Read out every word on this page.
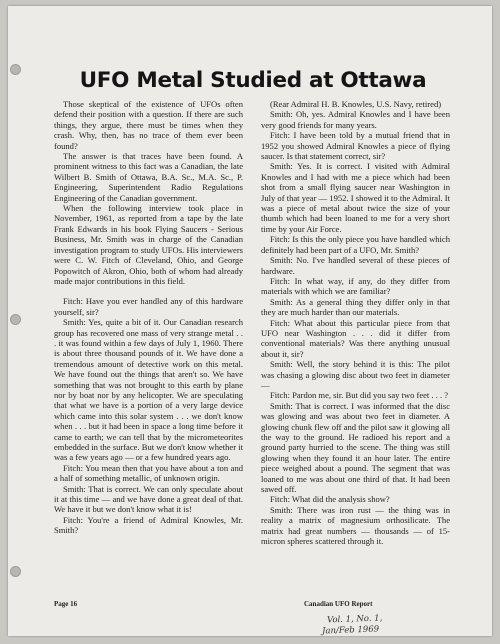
UFO Metal Studied at Ottawa

Those skeptical of the existence of UFOs often defend their position with a question. If there are such things, they argue, there must be times when they crash. Why, then, has no trace of them ever been found?

The answer is that traces have been found. A prominent witness to this fact was a Canadian, the late Wilbert B. Smith of Ottawa, B.A. Sc., M.A. Sc., P. Engineering, Superintendent Radio Regulations Engineering of the Canadian government.

When the following interview took place in November, 1961, as reported from a tape by the late Frank Edwards in his book Flying Saucers - Serious Business, Mr. Smith was in charge of the Canadian investigation program to study UFOs. His interviewers were C. W. Fitch of Cleveland, Ohio, and George Popowitch of Akron, Ohio, both of whom had already made major contributions in this field.

Fitch: Have you ever handled any of this hardware yourself, sir?

Smith: Yes, quite a bit of it. Our Canadian research group has recovered one mass of very strange metal . . . it was found within a few days of July 1, 1960. There is about three thousand pounds of it. We have done a tremendous amount of detective work on this metal. We have found out the things that aren't so. We have something that was not brought to this earth by plane nor by boat nor by any helicopter. We are speculating that what we have is a portion of a very large device which came into this solar system . . . we don't know when . . . but it had been in space a long time before it came to earth; we can tell that by the micrometeorites embedded in the surface. But we don't know whether it was a few years ago — or a few hundred years ago.

Fitch: You mean then that you have about a ton and a half of something metallic, of unknown origin.

Smith: That is correct. We can only speculate about it at this time — and we have done a great deal of that. We have it but we don't know what it is!

Fitch: You're a friend of Admiral Knowles, Mr. Smith?

(Rear Admiral H. B. Knowles, U.S. Navy, retired)

Smith: Oh, yes. Admiral Knowles and I have been very good friends for many years.

Fitch: I have been told by a mutual friend that in 1952 you showed Admiral Knowles a piece of flying saucer. Is that statement correct, sir?

Smith: Yes. It is correct. I visited with Admiral Knowles and I had with me a piece which had been shot from a small flying saucer near Washington in July of that year — 1952. I showed it to the Admiral. It was a piece of metal about twice the size of your thumb which had been loaned to me for a very short time by your Air Force.

Fitch: Is this the only piece you have handled which definitely had been part of a UFO, Mr. Smith?

Smith: No. I've handled several of these pieces of hardware.

Fitch: In what way, if any, do they differ from materials with which we are familiar?

Smith: As a general thing they differ only in that they are much harder than our materials.

Fitch: What about this particular piece from that UFO near Washington . . . did it differ from conventional materials? Was there anything unusual about it, sir?

Smith: Well, the story behind it is this: The pilot was chasing a glowing disc about two feet in diameter —

Fitch: Pardon me, sir. But did you say two feet . . . ?

Smith: That is correct. I was informed that the disc was glowing and was about two feet in diameter. A glowing chunk flew off and the pilot saw it glowing all the way to the ground. He radioed his report and a ground party hurried to the scene. The thing was still glowing when they found it an hour later. The entire piece weighed about a pound. The segment that was loaned to me was about one third of that. It had been sawed off.

Fitch: What did the analysis show?

Smith: There was iron rust — the thing was in reality a matrix of magnesium orthosilicate. The matrix had great numbers — thousands — of 15-micron spheres scattered through it.

Page 16	Canadian UFO Report
Vol. 1, No. 1,
Jan/Feb 1969
